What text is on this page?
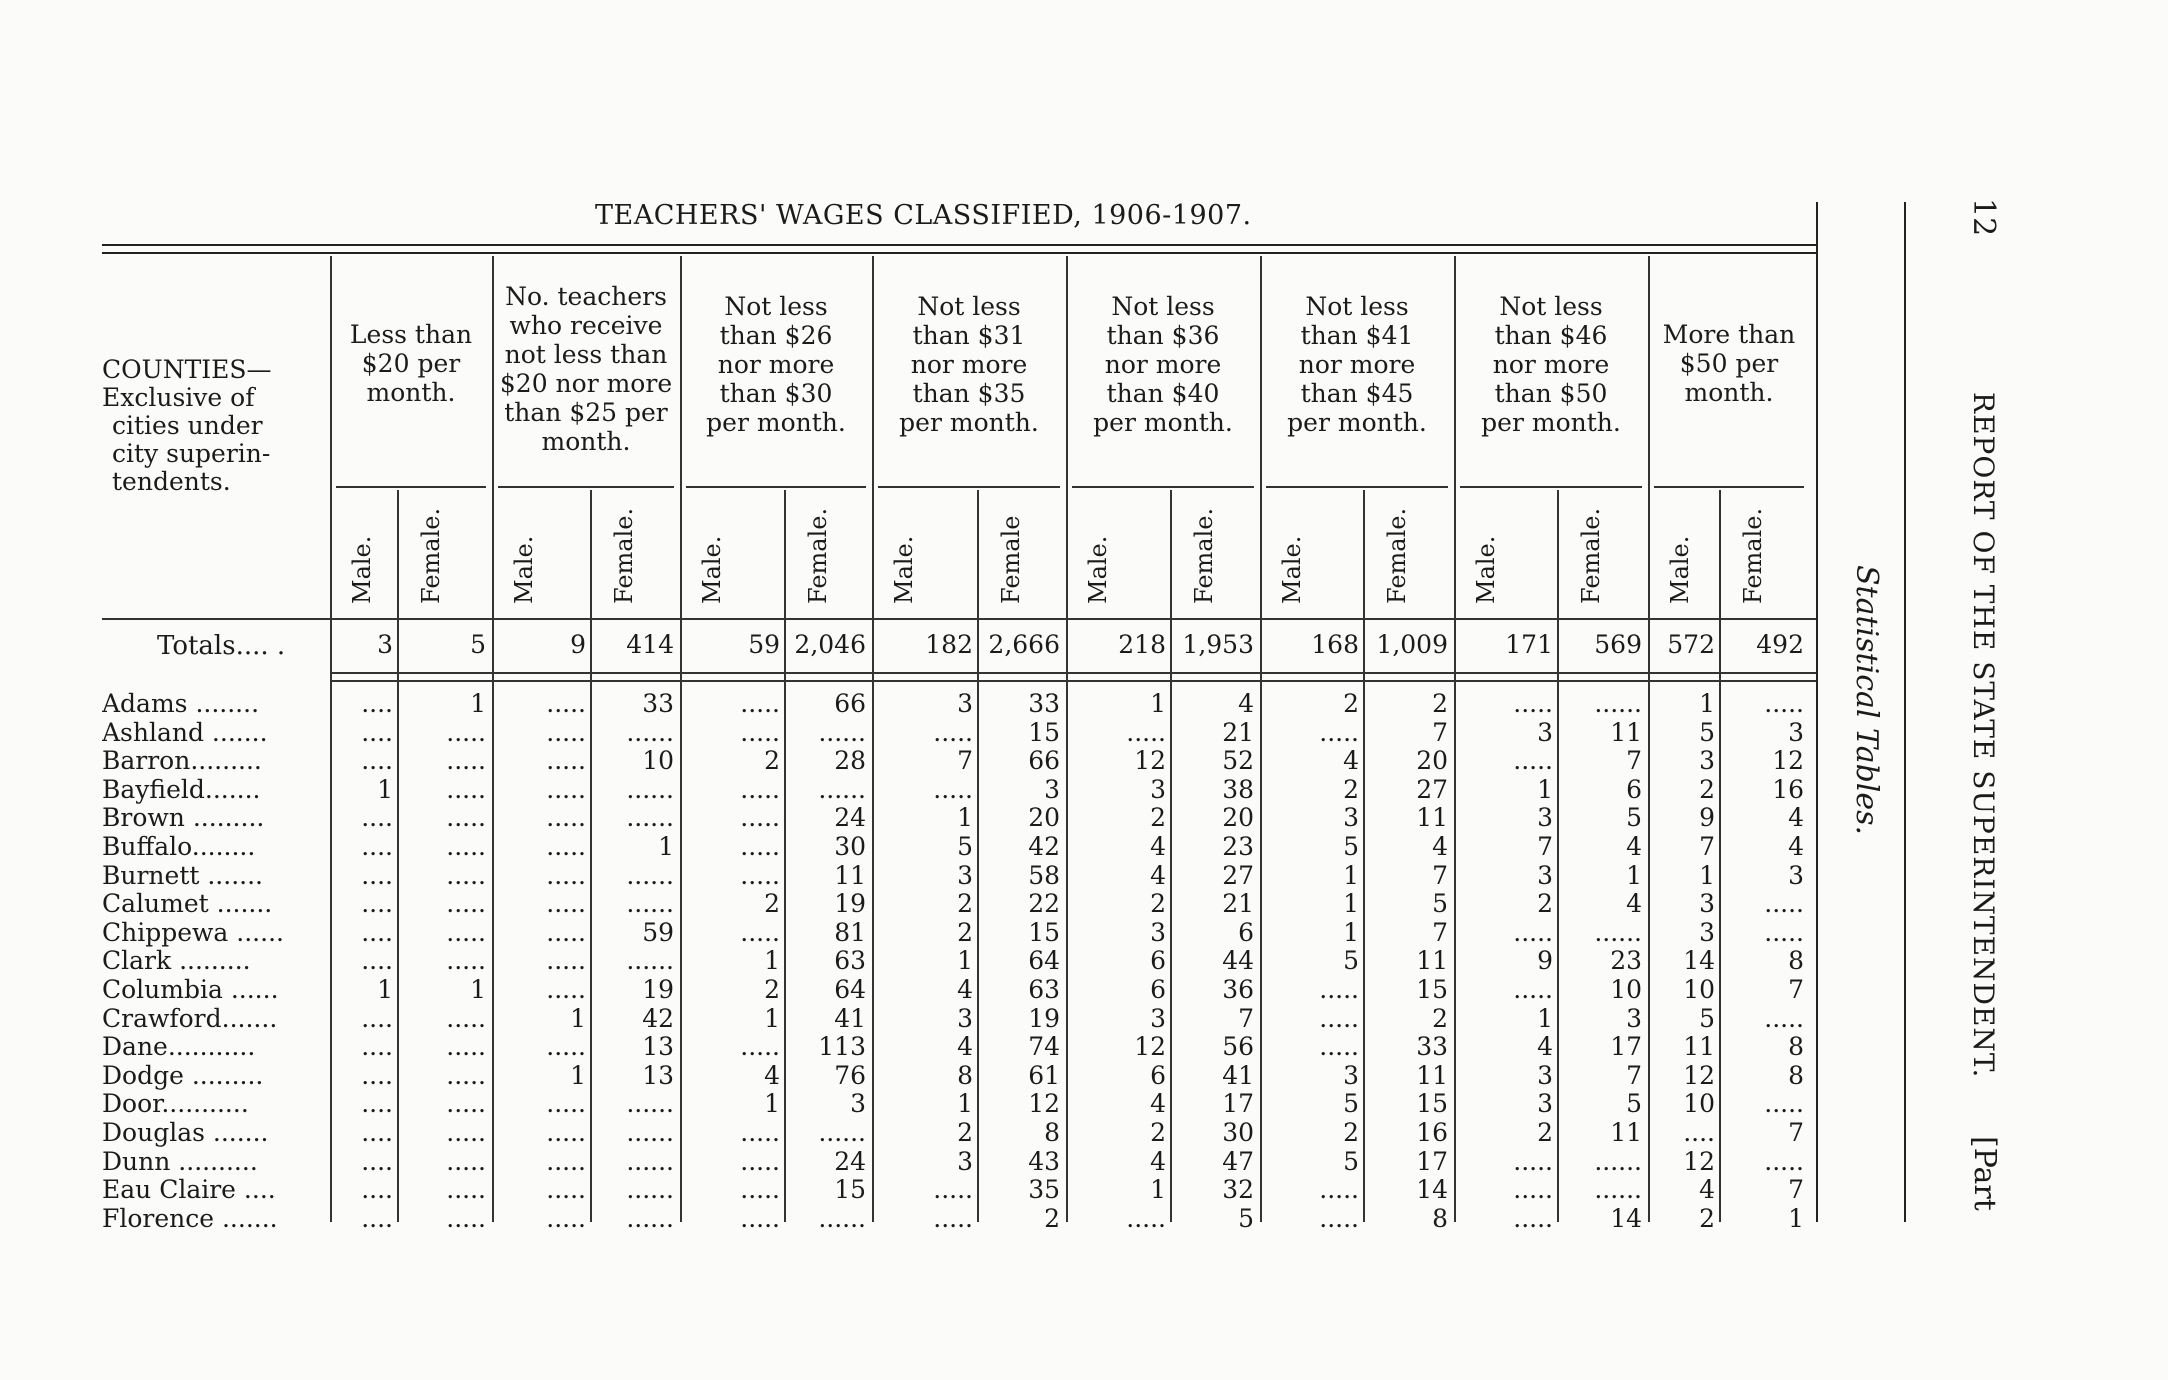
TEACHERS' WAGES CLASSIFIED, 1906-1907.	12
REPORT OF THE STATE SUPERINTENDENT.
[Part
Statistical Tables.
COUNTIES—
Exclusive of
cities under
city superin-
tendents.
Totals.... .
Less than
$20 per
month.
No. teachers
who receive
not less than
$20 nor more
than $25 per
month.
Not less
than $26
nor more
than $30
per month.
Not less
than $31
nor more
than $35
per month.
Not less
than $36
nor more
than $40
per month.
Not less
than $41
nor more
than $45
per month.
Not less
than $46
nor more
than $50
per month.
More than
$50 per
month.
Male. Female.	Male.	Female.	Male.	Female. Male.	Female Male.	Female.	Male.	Female.	Male.	Female.	Male. Female.
3	5	9	414	59 2,046	182 2,666	218 1,953	168 1,009	171	569	572	492
Adams ........	....	1	.....	33	.....	66	3	33	1	4	2	2	.....	......	1	.....
Ashland .......	....	.....	.....	......	.....	......	.....	15	.....	21	.....	7	3	11	5	3
Barron.........	....	.....	.....	10	2	28	7	66	12	52	4	20	.....	7	3	12
Bayfield.......	1	.....	.....	......	.....	......	.....	3	3	38	2	27	1	6	2	16
Brown .........	....	.....	.....	......	.....	24	1	20	2	20	3	11	3	5	9	4
Buffalo........	....	.....	.....	1	.....	30	5	42	4	23	5	4	7	4	7	4
Burnett .......	....	.....	.....	......	.....	11	3	58	4	27	1	7	3	1	1	3
Calumet .......	....	.....	.....	......	2	19	2	22	2	21	1	5	2	4	3	.....
Chippewa ......	....	.....	.....	59	.....	81	2	15	3	6	1	7	.....	......	3	.....
Clark .........	....	.....	.....	......	1	63	1	64	6	44	5	11	9	23	14	8
Columbia ......	1	1	.....	19	2	64	4	63	6	36	.....	15	.....	10	10	7
Crawford.......	....	.....	1	42	1	41	3	19	3	7	.....	2	1	3	5	.....
Dane...........	....	.....	.....	13	.....	113	4	74	12	56	.....	33	4	17	11	8
Dodge .........	....	.....	1	13	4	76	8	61	6	41	3	11	3	7	12	8
Door...........	....	.....	.....	......	1	3	1	12	4	17	5	15	3	5	10	.....
Douglas .......	....	.....	.....	......	.....	......	2	8	2	30	2	16	2	11	....	7
Dunn ..........	....	.....	.....	......	.....	24	3	43	4	47	5	17	.....	......	12	.....
Eau Claire ....	....	.....	.....	......	.....	15	.....	35	1	32	.....	14	.....	......	4	7
Florence .......	....	.....	.....	......	.....	......	.....	2	.....	5	.....	8	.....	14	2	1
